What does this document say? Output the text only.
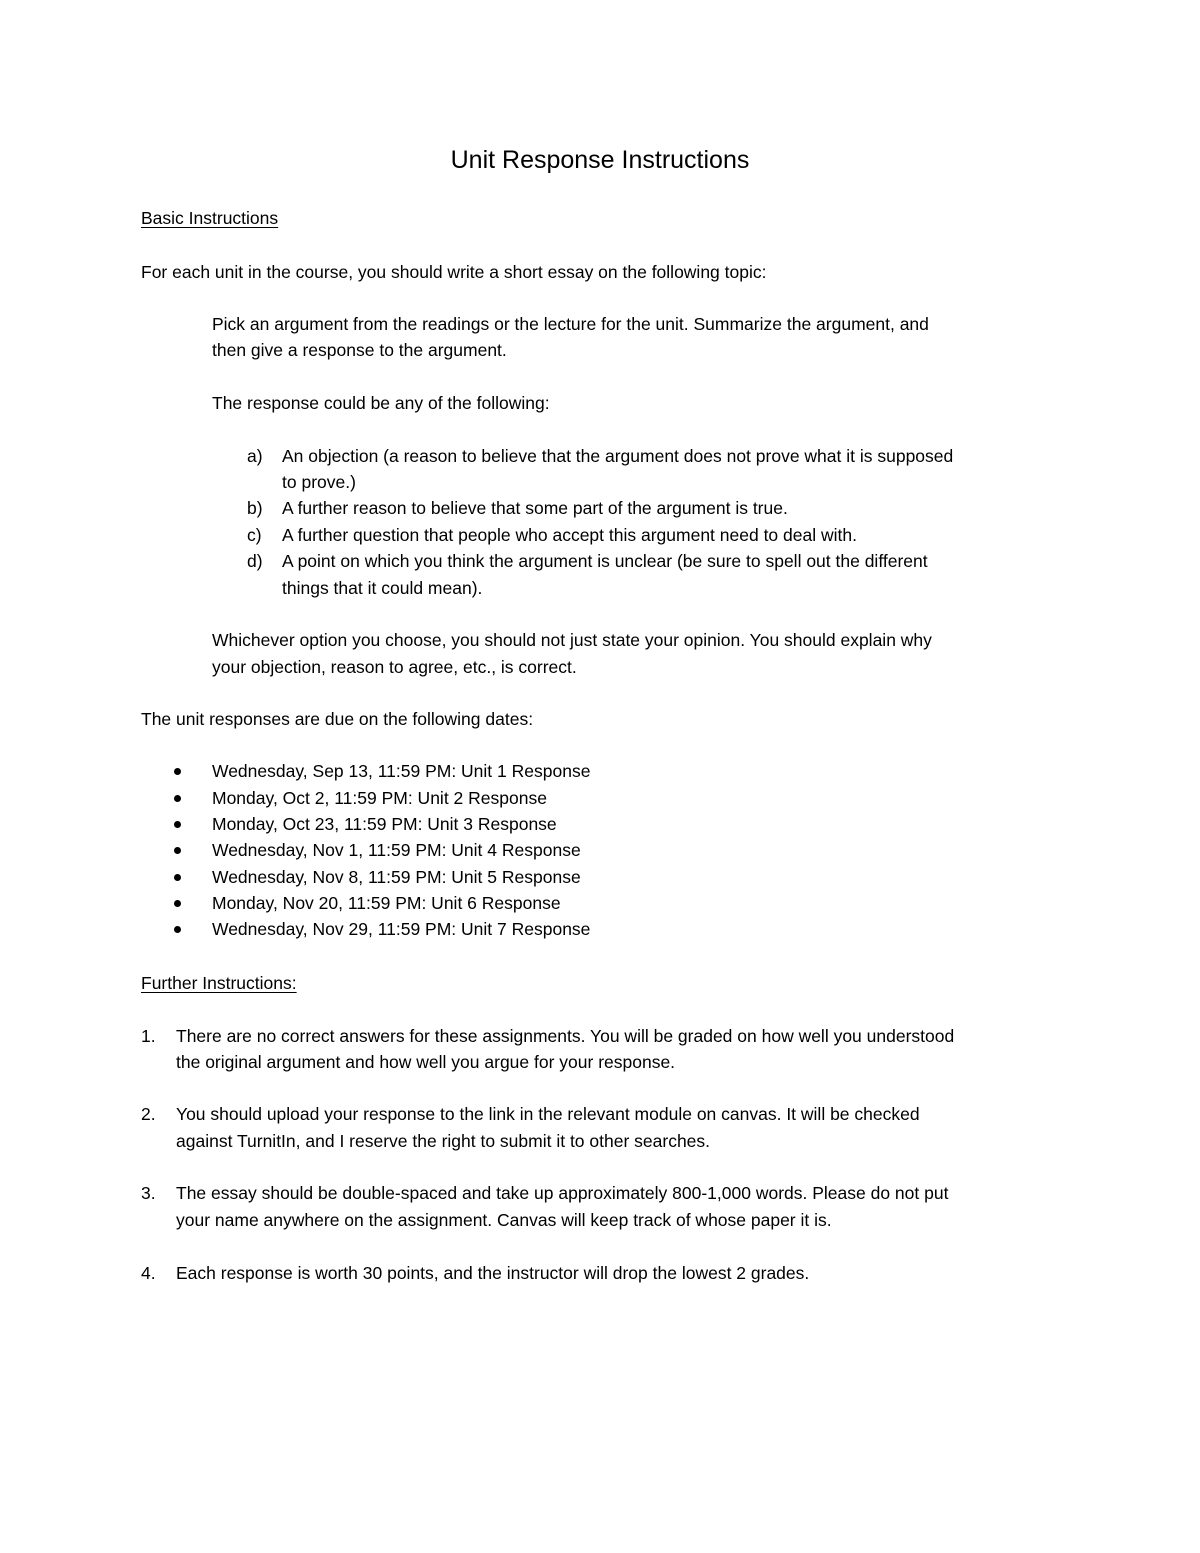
Unit Response Instructions
Basic Instructions
For each unit in the course, you should write a short essay on the following topic:
Pick an argument from the readings or the lecture for the unit. Summarize the argument, and
then give a response to the argument.
The response could be any of the following:
a) An objection (a reason to believe that the argument does not prove what it is supposed
to prove.)
b) A further reason to believe that some part of the argument is true.
c) A further question that people who accept this argument need to deal with.
d) A point on which you think the argument is unclear (be sure to spell out the different
things that it could mean).
Whichever option you choose, you should not just state your opinion. You should explain why
your objection, reason to agree, etc., is correct.
The unit responses are due on the following dates:
Wednesday, Sep 13, 11:59 PM: Unit 1 Response
Monday, Oct 2, 11:59 PM: Unit 2 Response
Monday, Oct 23, 11:59 PM: Unit 3 Response
Wednesday, Nov 1, 11:59 PM: Unit 4 Response
Wednesday, Nov 8, 11:59 PM: Unit 5 Response
Monday, Nov 20, 11:59 PM: Unit 6 Response
Wednesday, Nov 29, 11:59 PM: Unit 7 Response
Further Instructions:
1. There are no correct answers for these assignments. You will be graded on how well you understood
the original argument and how well you argue for your response.
2. You should upload your response to the link in the relevant module on canvas. It will be checked
against TurnitIn, and I reserve the right to submit it to other searches.
3. The essay should be double-spaced and take up approximately 800-1,000 words. Please do not put
your name anywhere on the assignment. Canvas will keep track of whose paper it is.
4. Each response is worth 30 points, and the instructor will drop the lowest 2 grades.
